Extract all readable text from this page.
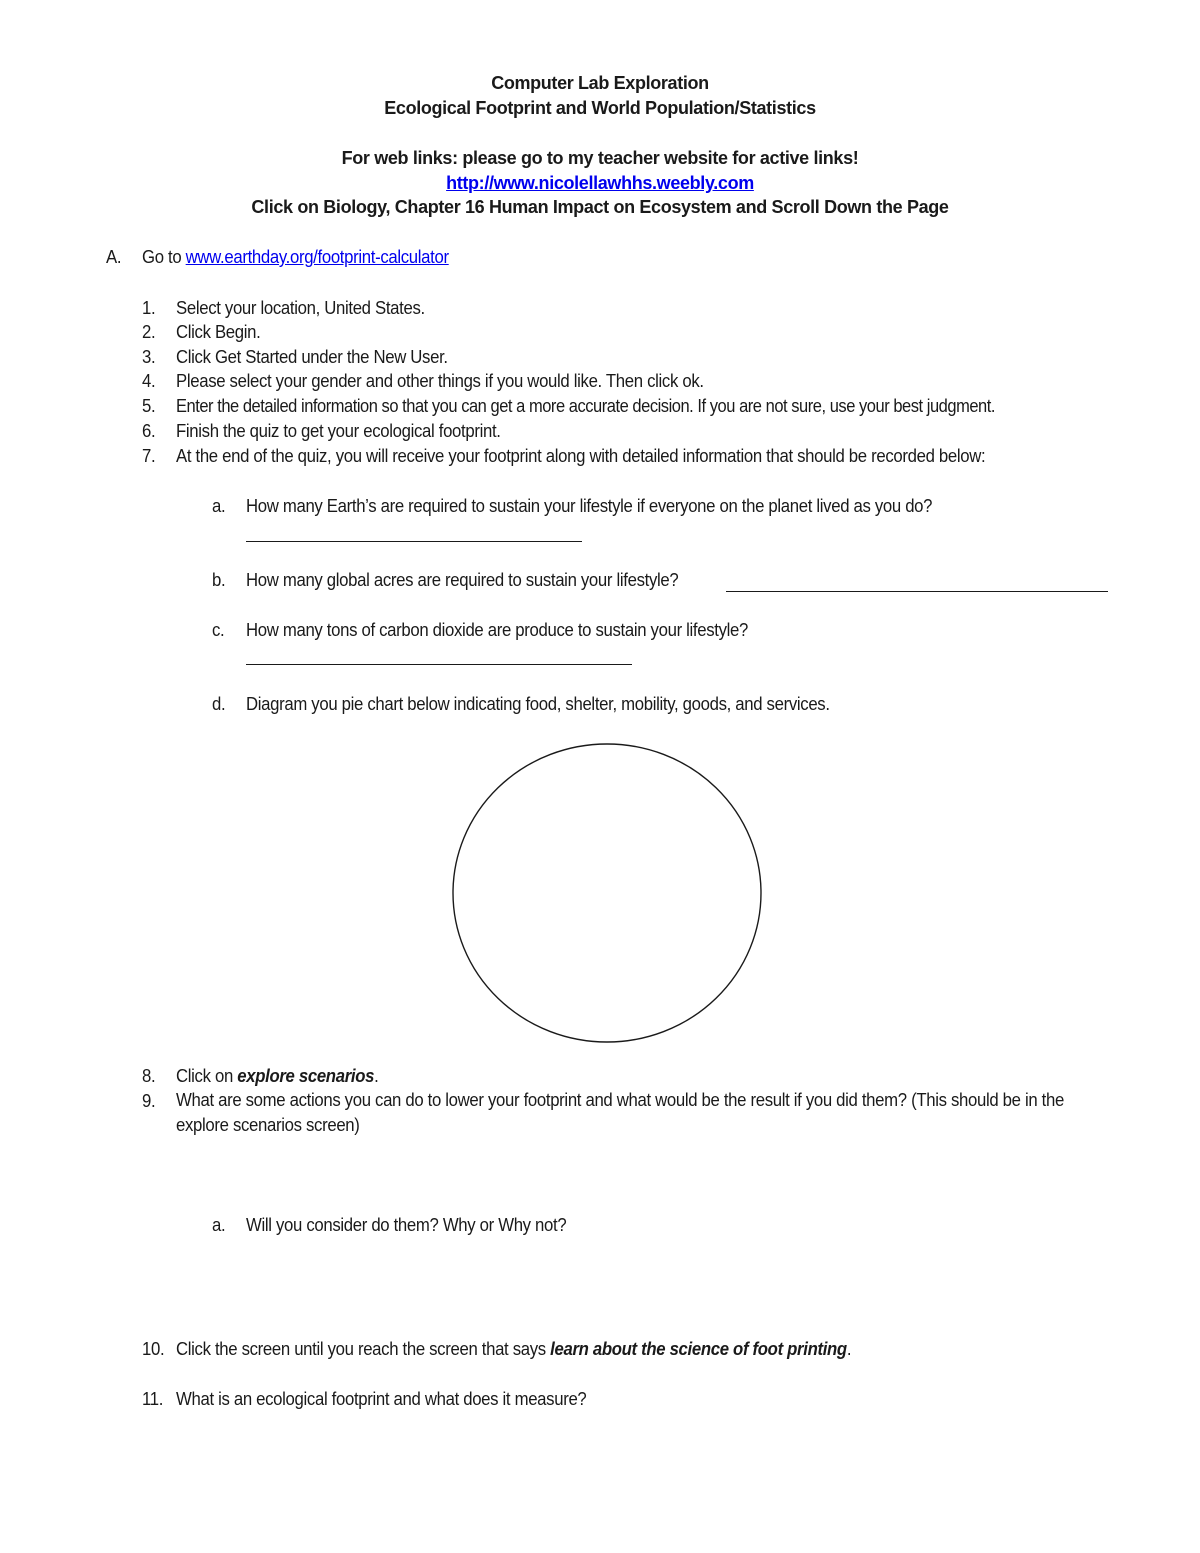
Computer Lab Exploration
Ecological Footprint and World Population/Statistics
For web links: please go to my teacher website for active links!
http://www.nicolellawhhs.weebly.com
Click on Biology, Chapter 16 Human Impact on Ecosystem and Scroll Down the Page
A. Go to www.earthday.org/footprint-calculator
1. Select your location, United States.
2. Click Begin.
3. Click Get Started under the New User.
4. Please select your gender and other things if you would like. Then click ok.
5. Enter the detailed information so that you can get a more accurate decision. If you are not sure, use your best judgment.
6. Finish the quiz to get your ecological footprint.
7. At the end of the quiz, you will receive your footprint along with detailed information that should be recorded below:
a. How many Earth’s are required to sustain your lifestyle if everyone on the planet lived as you do?
b. How many global acres are required to sustain your lifestyle?
c. How many tons of carbon dioxide are produce to sustain your lifestyle?
d. Diagram you pie chart below indicating food, shelter, mobility, goods, and services.
8. Click on explore scenarios.
9. What are some actions you can do to lower your footprint and what would be the result if you did them? (This should be in the explore scenarios screen)
a. Will you consider do them? Why or Why not?
10. Click the screen until you reach the screen that says learn about the science of foot printing.
11. What is an ecological footprint and what does it measure?
